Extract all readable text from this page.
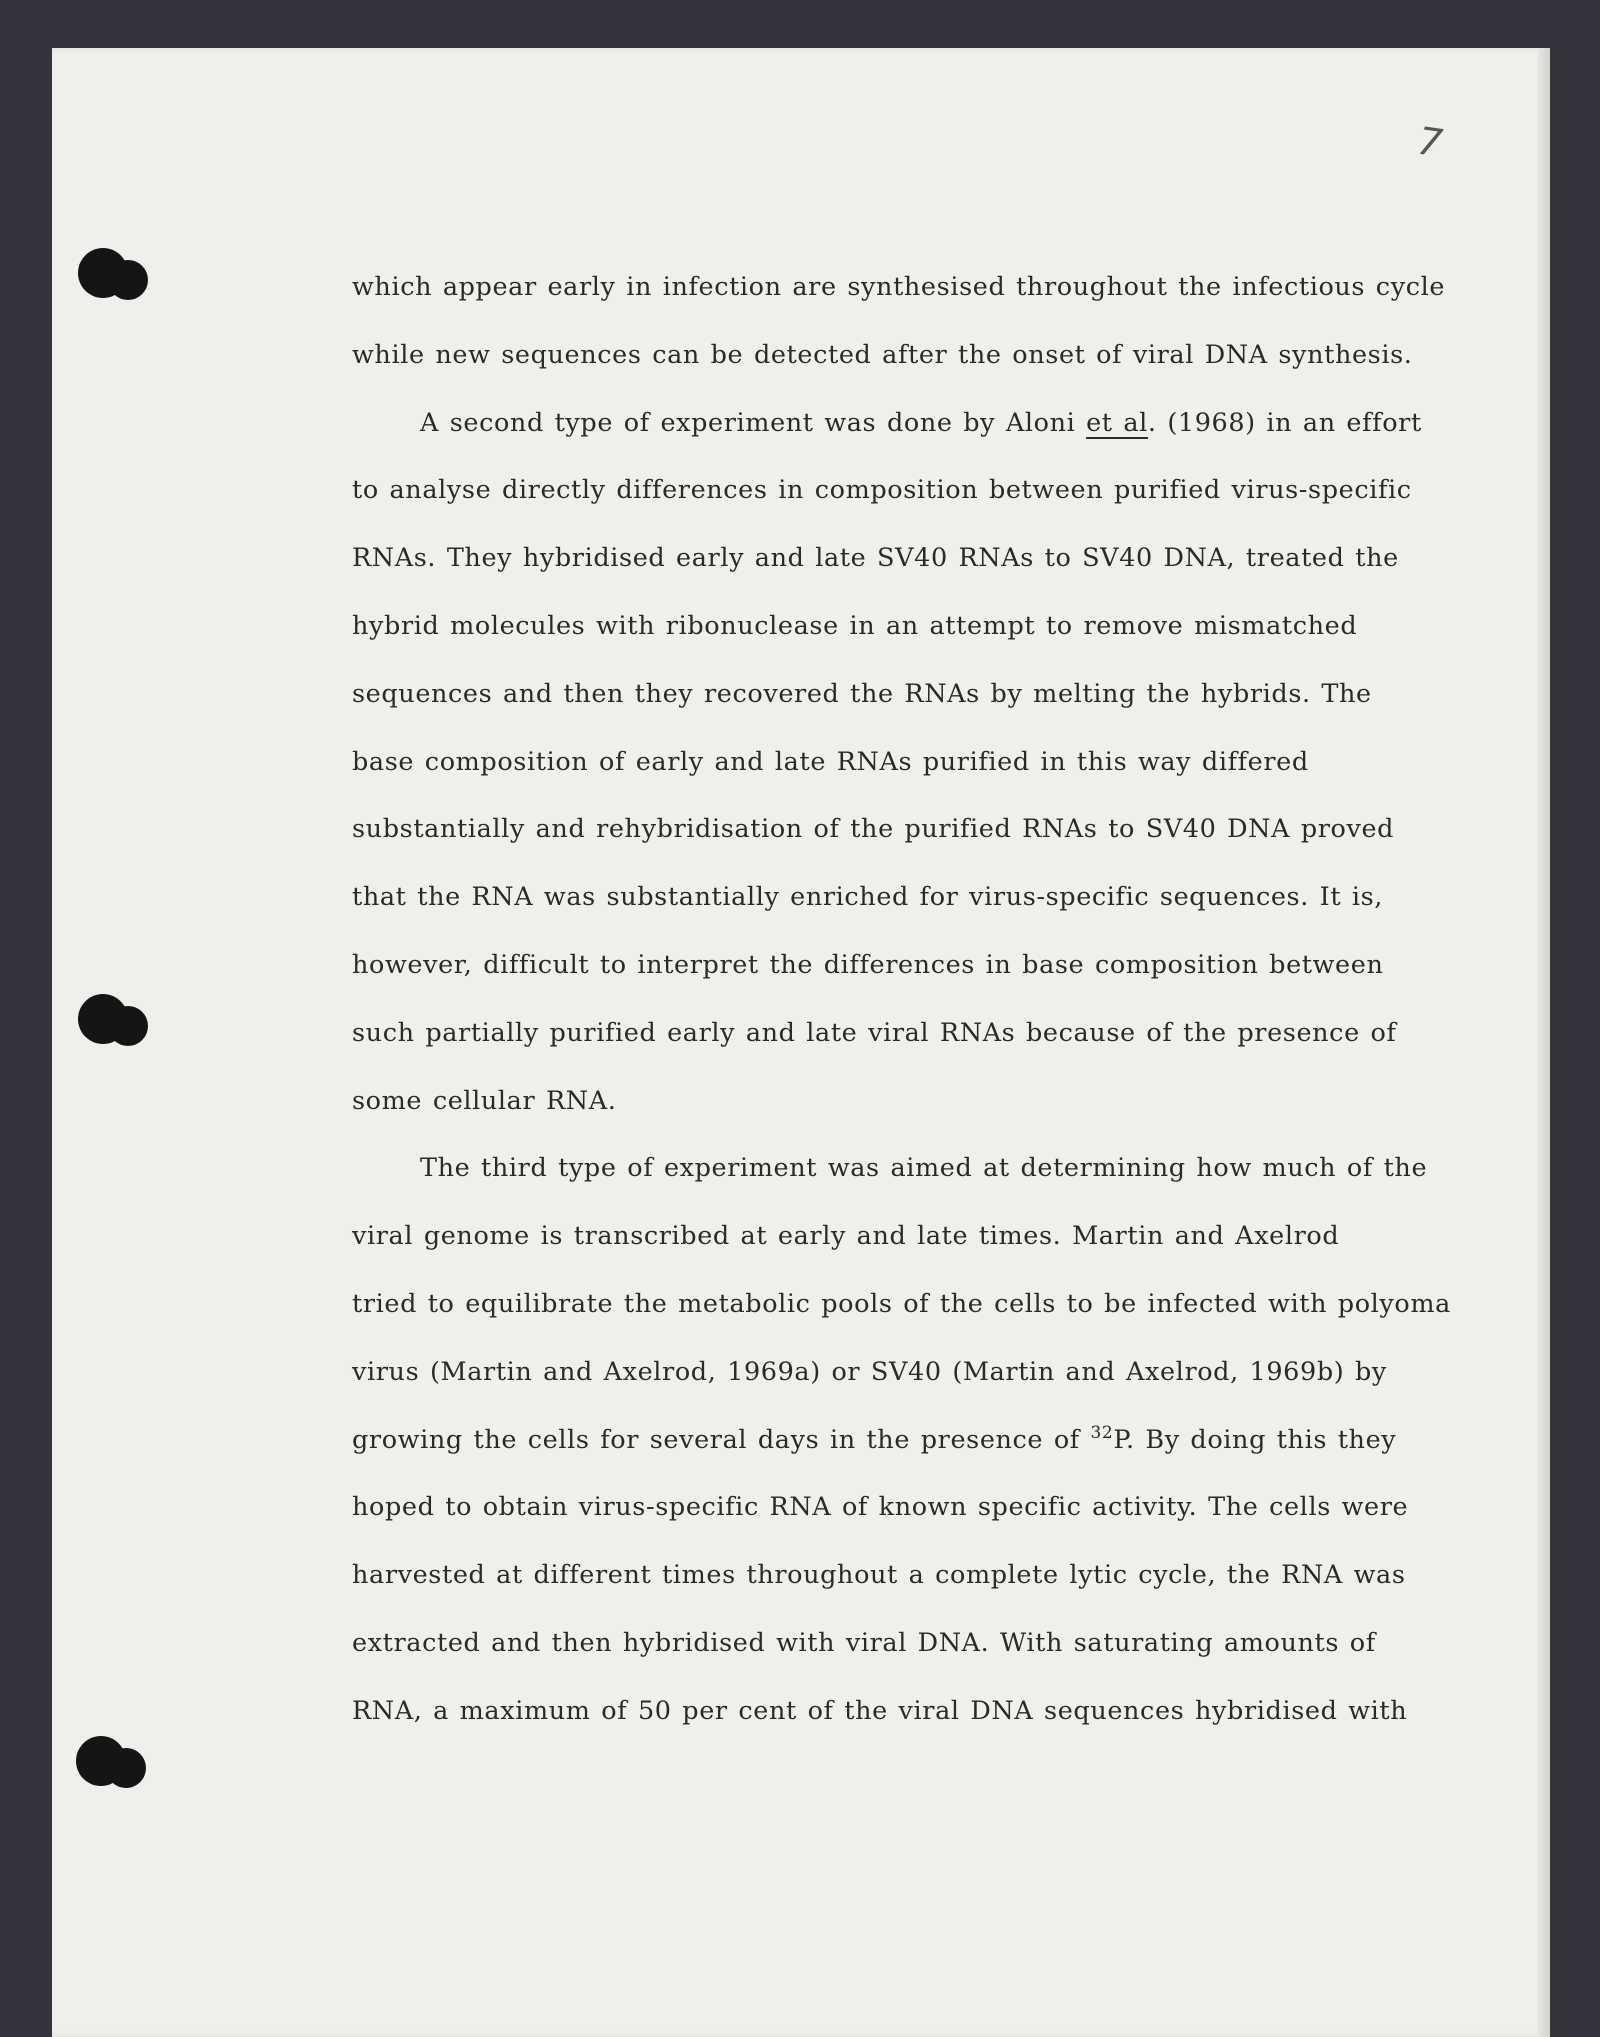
7
which appear early in infection are synthesised throughout the infectious cycle
while new sequences can be detected after the onset of viral DNA synthesis.
A second type of experiment was done by Aloni et al. (1968) in an effort
to analyse directly differences in composition between purified virus-specific
RNAs. They hybridised early and late SV40 RNAs to SV40 DNA, treated the
hybrid molecules with ribonuclease in an attempt to remove mismatched
sequences and then they recovered the RNAs by melting the hybrids. The
base composition of early and late RNAs purified in this way differed
substantially and rehybridisation of the purified RNAs to SV40 DNA proved
that the RNA was substantially enriched for virus-specific sequences. It is,
however, difficult to interpret the differences in base composition between
such partially purified early and late viral RNAs because of the presence of
some cellular RNA.
The third type of experiment was aimed at determining how much of the
viral genome is transcribed at early and late times. Martin and Axelrod
tried to equilibrate the metabolic pools of the cells to be infected with polyoma
virus (Martin and Axelrod, 1969a) or SV40 (Martin and Axelrod, 1969b) by
growing the cells for several days in the presence of $^{32}$P. By doing this they
hoped to obtain virus-specific RNA of known specific activity. The cells were
harvested at different times throughout a complete lytic cycle, the RNA was
extracted and then hybridised with viral DNA. With saturating amounts of
RNA, a maximum of 50 per cent of the viral DNA sequences hybridised with
